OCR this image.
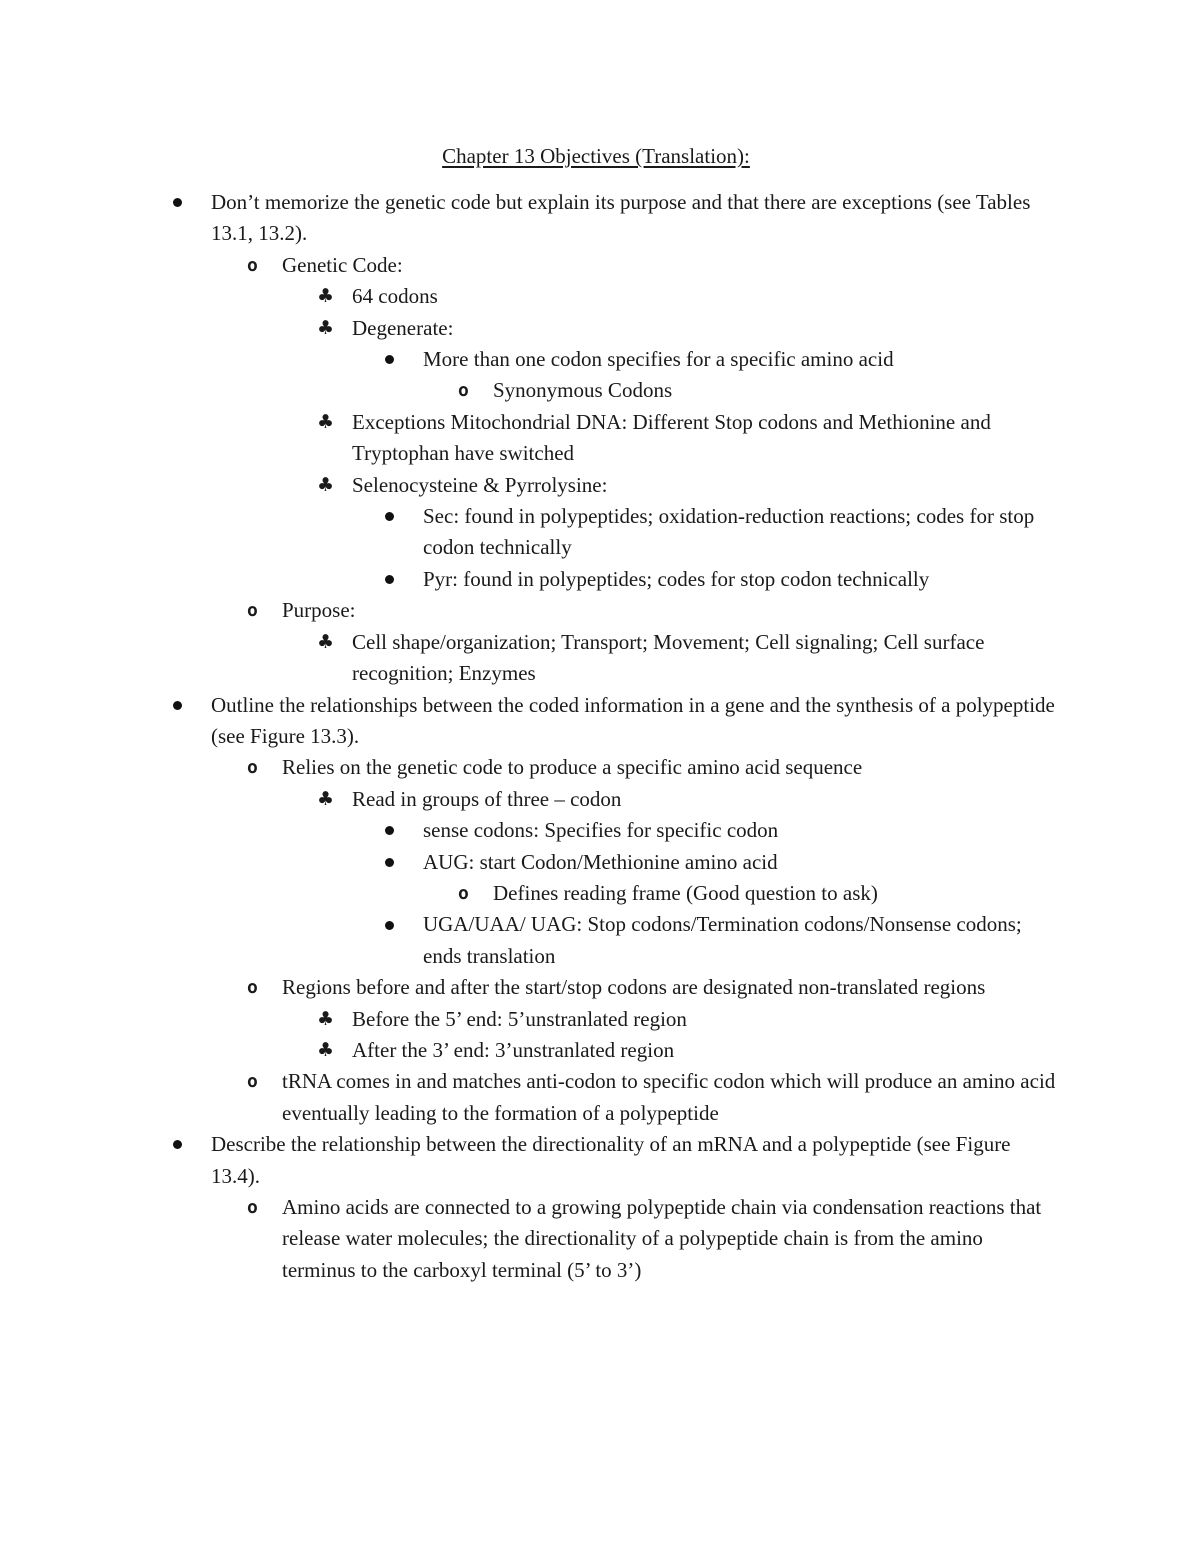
Chapter 13 Objectives (Translation):
Don’t memorize the genetic code but explain its purpose and that there are exceptions (see Tables 13.1, 13.2).
o Genetic Code:
♣ 64 codons
♣ Degenerate:
More than one codon specifies for a specific amino acid
o Synonymous Codons
♣ Exceptions Mitochondrial DNA: Different Stop codons and Methionine and Tryptophan have switched
♣ Selenocysteine & Pyrrolysine:
Sec: found in polypeptides; oxidation-reduction reactions; codes for stop codon technically
Pyr: found in polypeptides; codes for stop codon technically
o Purpose:
♣ Cell shape/organization; Transport; Movement; Cell signaling; Cell surface recognition; Enzymes
Outline the relationships between the coded information in a gene and the synthesis of a polypeptide (see Figure 13.3).
o Relies on the genetic code to produce a specific amino acid sequence
♣ Read in groups of three – codon
sense codons: Specifies for specific codon
AUG: start Codon/Methionine amino acid
o Defines reading frame (Good question to ask)
UGA/UAA/ UAG: Stop codons/Termination codons/Nonsense codons; ends translation
o Regions before and after the start/stop codons are designated non-translated regions
♣ Before the 5’ end: 5’unstranlated region
♣ After the 3’ end: 3’unstranlated region
o tRNA comes in and matches anti-codon to specific codon which will produce an amino acid eventually leading to the formation of a polypeptide
Describe the relationship between the directionality of an mRNA and a polypeptide (see Figure 13.4).
o Amino acids are connected to a growing polypeptide chain via condensation reactions that release water molecules; the directionality of a polypeptide chain is from the amino terminus to the carboxyl terminal (5’ to 3’)
